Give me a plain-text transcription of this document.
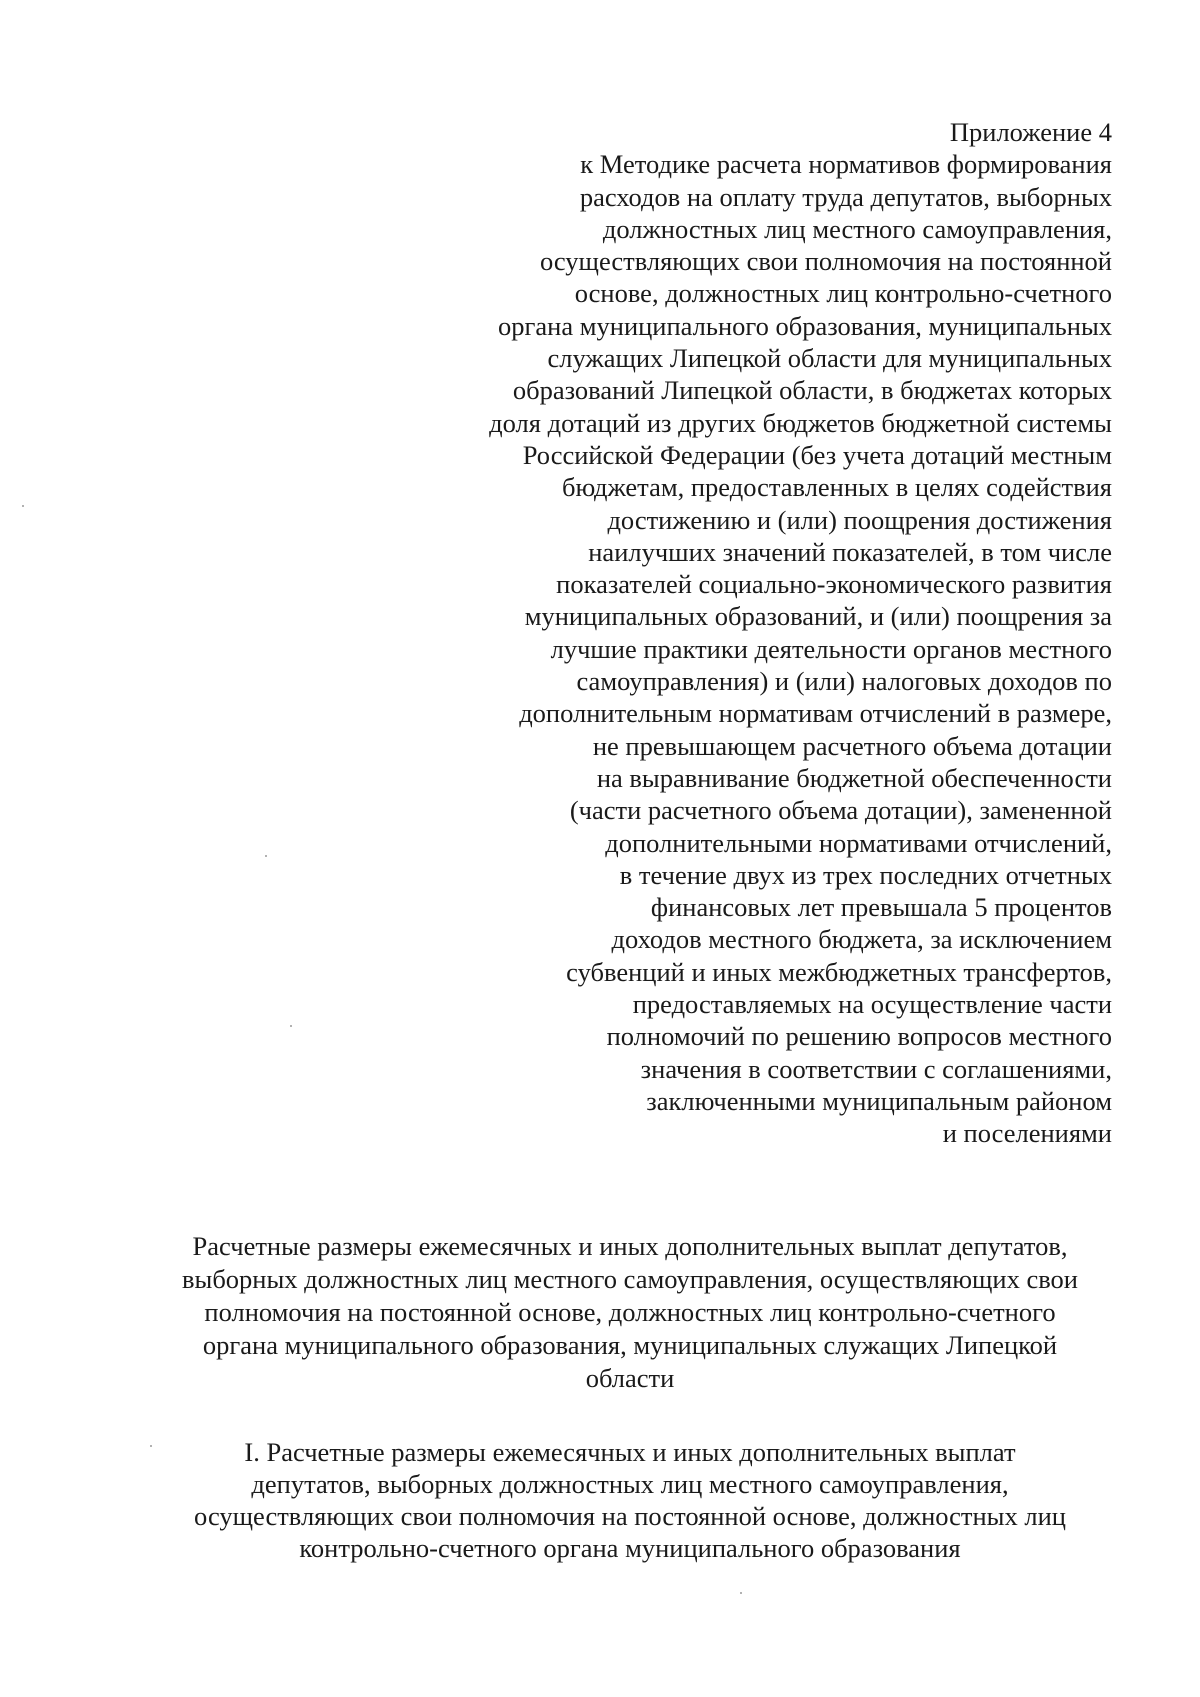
Приложение 4
к Методике расчета нормативов формирования
расходов на оплату труда депутатов, выборных
должностных лиц местного самоуправления,
осуществляющих свои полномочия на постоянной
основе, должностных лиц контрольно-счетного
органа муниципального образования, муниципальных
служащих Липецкой области для муниципальных
образований Липецкой области, в бюджетах которых
доля дотаций из других бюджетов бюджетной системы
Российской Федерации (без учета дотаций местным
бюджетам, предоставленных в целях содействия
достижению и (или) поощрения достижения
наилучших значений показателей, в том числе
показателей социально-экономического развития
муниципальных образований, и (или) поощрения за
лучшие практики деятельности органов местного
самоуправления) и (или) налоговых доходов по
дополнительным нормативам отчислений в размере,
не превышающем расчетного объема дотации
на выравнивание бюджетной обеспеченности
(части расчетного объема дотации), замененной
дополнительными нормативами отчислений,
в течение двух из трех последних отчетных
финансовых лет превышала 5 процентов
доходов местного бюджета, за исключением
субвенций и иных межбюджетных трансфертов,
предоставляемых на осуществление части
полномочий по решению вопросов местного
значения в соответствии с соглашениями,
заключенными муниципальным районом
и поселениями
Расчетные размеры ежемесячных и иных дополнительных выплат депутатов,
выборных должностных лиц местного самоуправления, осуществляющих свои
полномочия на постоянной основе, должностных лиц контрольно-счетного
органа муниципального образования, муниципальных служащих Липецкой
области
I. Расчетные размеры ежемесячных и иных дополнительных выплат
депутатов, выборных должностных лиц местного самоуправления,
осуществляющих свои полномочия на постоянной основе, должностных лиц
контрольно-счетного органа муниципального образования
